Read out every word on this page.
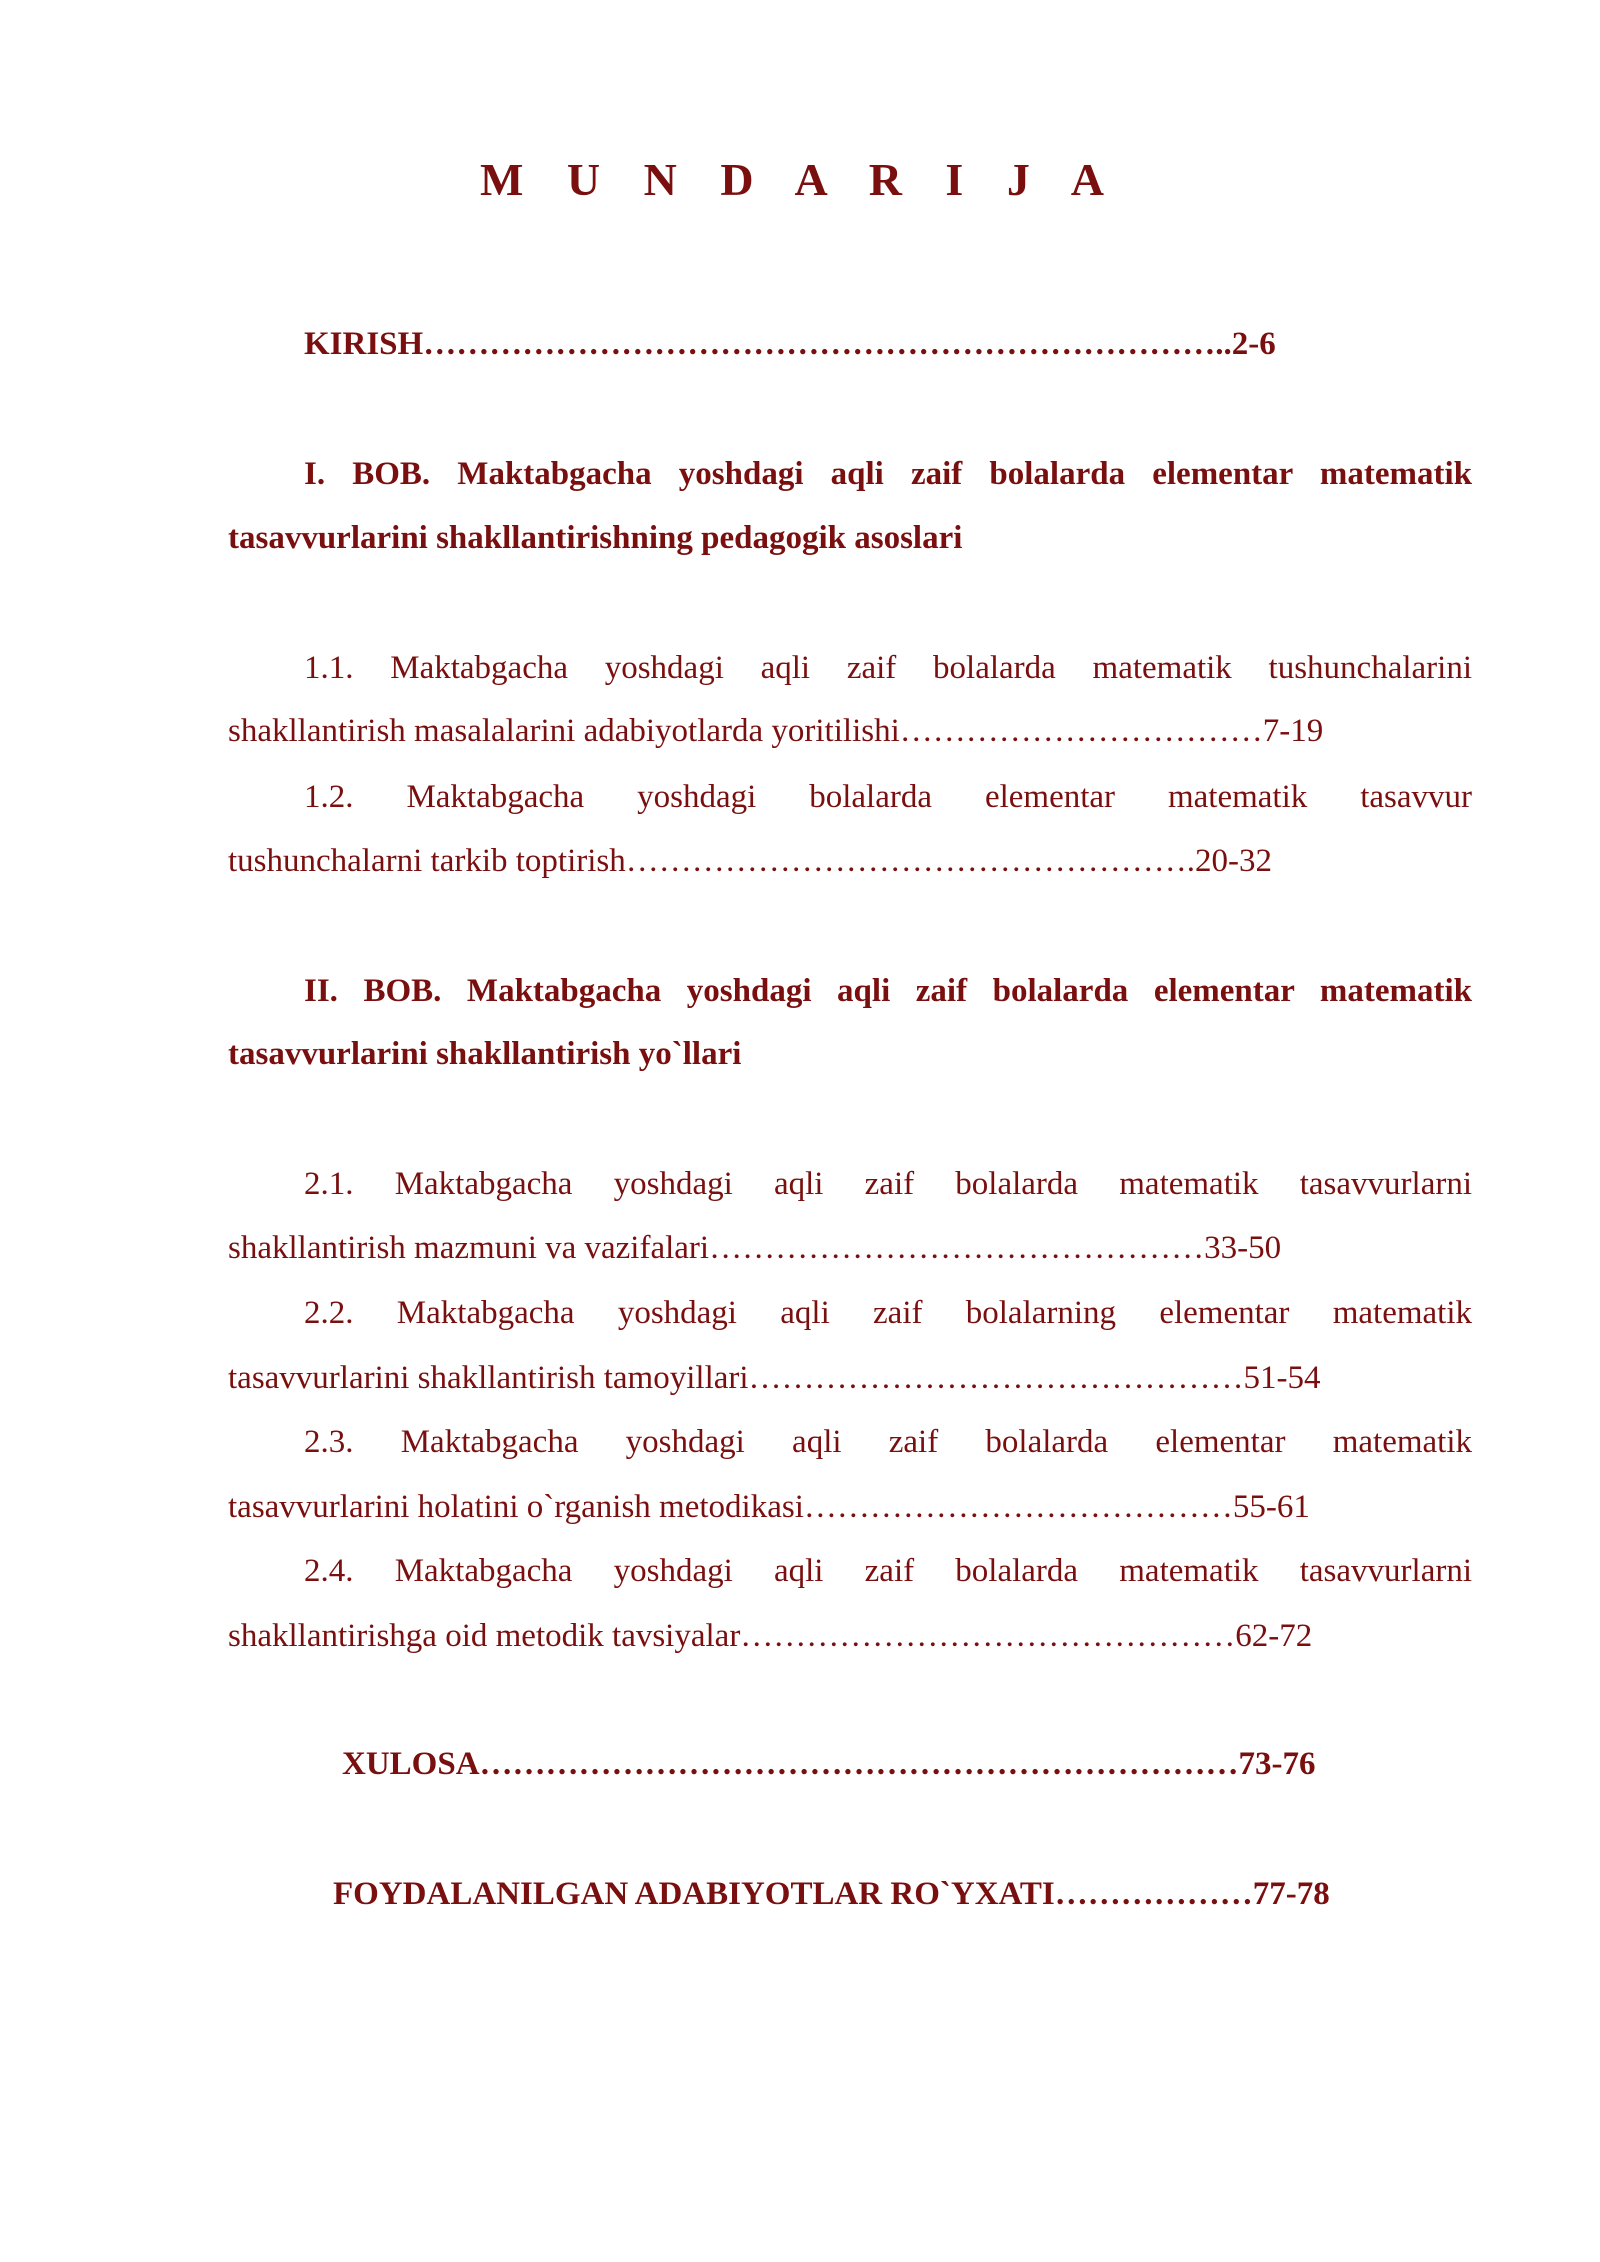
M U N D A R I J A
KIRISH………………………………………………………………..2-6
I. BOB. Maktabgacha yoshdagi aqli zaif bolalarda elementar matematik
tasavvurlarini shakllantirishning pedagogik asoslari
1.1. Maktabgacha yoshdagi aqli zaif bolalarda matematik tushunchalarini
shakllantirish masalalarini adabiyotlarda yoritilishi……………………………7-19
1.2. Maktabgacha yoshdagi bolalarda elementar matematik tasavvur
tushunchalarni tarkib toptirish…………………………………………….20-32
II. BOB. Maktabgacha yoshdagi aqli zaif bolalarda elementar matematik
tasavvurlarini shakllantirish yo`llari
2.1. Maktabgacha yoshdagi aqli zaif bolalarda matematik tasavvurlarni
shakllantirish mazmuni va vazifalari………………………………………33-50
2.2. Maktabgacha yoshdagi aqli zaif bolalarning elementar matematik
tasavvurlarini shakllantirish tamoyillari………………………………………51-54
2.3. Maktabgacha yoshdagi aqli zaif bolalarda elementar matematik
tasavvurlarini holatini o`rganish metodikasi…………………………………55-61
2.4. Maktabgacha yoshdagi aqli zaif bolalarda matematik tasavvurlarni
shakllantirishga oid metodik tavsiyalar………………………………………62-72
XULOSA……………………………………………………………73-76
FOYDALANILGAN ADABIYOTLAR RO`YXATI………………77-78
